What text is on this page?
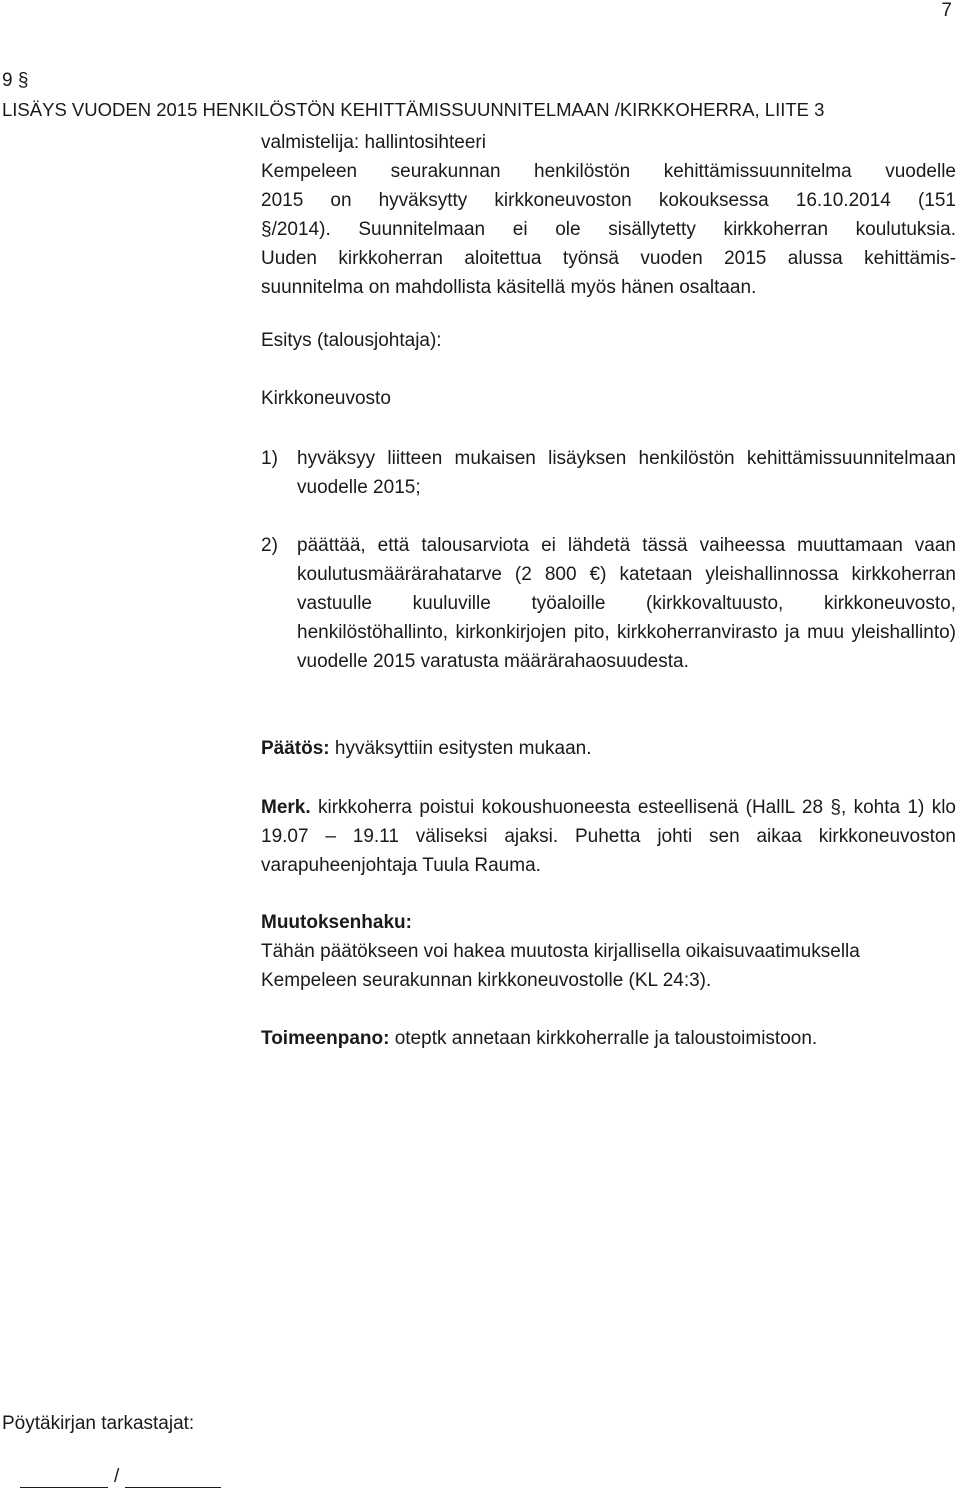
7
9 §
LISÄYS VUODEN 2015 HENKILÖSTÖN KEHITTÄMISSUUNNITELMAAN /KIRKKOHERRA, LIITE 3
valmistelija: hallintosihteeri
Kempeleen seurakunnan henkilöstön kehittämissuunnitelma vuodelle
2015 on hyväksytty kirkkoneuvoston kokouksessa 16.10.2014 (151
§/2014). Suunnitelmaan ei ole sisällytetty kirkkoherran koulutuksia.
Uuden kirkkoherran aloitettua työnsä vuoden 2015 alussa kehittämis-
suunnitelma on mahdollista käsitellä myös hänen osaltaan.
Esitys (talousjohtaja):
Kirkkoneuvosto
1)	hyväksyy liitteen mukaisen lisäyksen henkilöstön kehittämissuunnitelmaan vuodelle 2015;
2)	päättää, että talousarviota ei lähdetä tässä vaiheessa muuttamaan vaan koulutusmäärärahatarve (2 800 €) katetaan yleishallinnossa kirkkoherran vastuulle kuuluville työaloille (kirkkovaltuusto, kirkkoneuvosto, henkilöstöhallinto, kirkonkirjojen pito, kirkkoherranvirasto ja muu yleishallinto) vuodelle 2015 varatusta määrärahaosuudesta.
Päätös: hyväksyttiin esitysten mukaan.
Merk. kirkkoherra poistui kokoushuoneesta esteellisenä (HallL 28 §, kohta 1) klo 19.07 – 19.11 väliseksi ajaksi. Puhetta johti sen aikaa kirkkoneuvoston varapuheenjohtaja Tuula Rauma.
Muutoksenhaku:
Tähän päätökseen voi hakea muutosta kirjallisella oikaisuvaatimuksella
Kempeleen seurakunnan kirkkoneuvostolle (KL 24:3).
Toimeenpano: oteptk annetaan kirkkoherralle ja taloustoimistoon.
Pöytäkirjan tarkastajat:
/
